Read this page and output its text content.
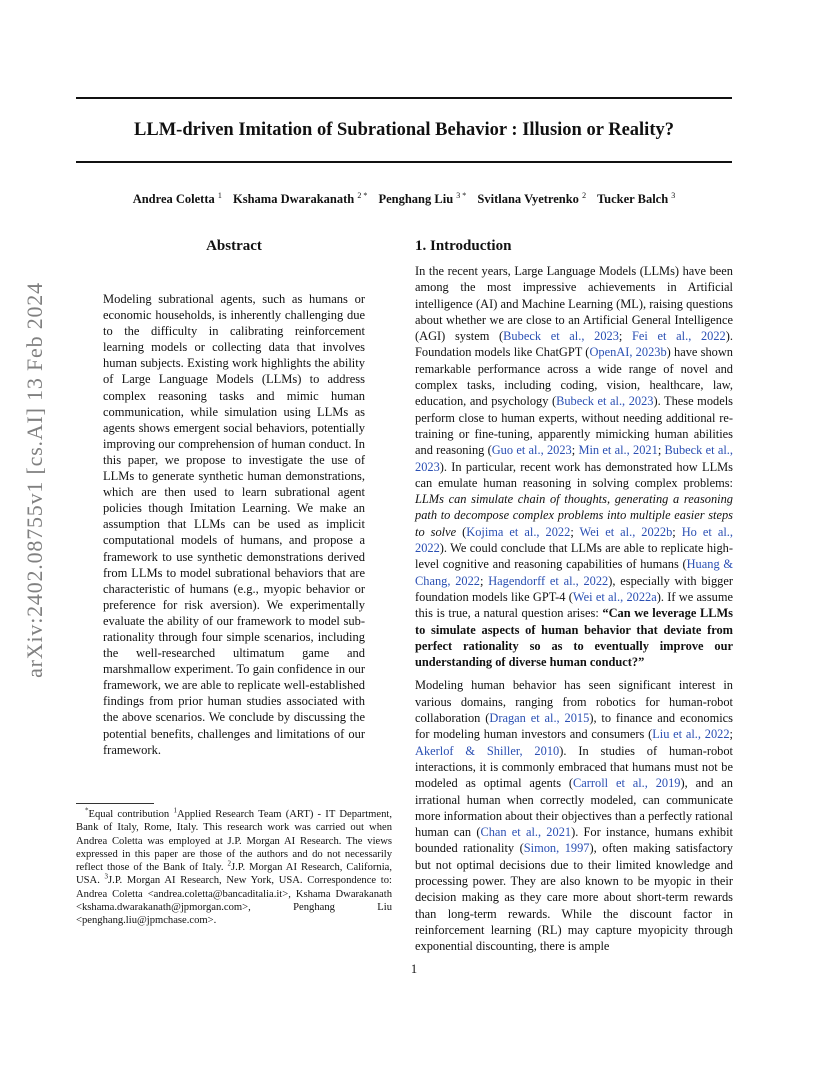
arXiv:2402.08755v1 [cs.AI] 13 Feb 2024
LLM-driven Imitation of Subrational Behavior : Illusion or Reality?
Andrea Coletta $^1$ Kshama Dwarakanath $^{2 *}$ Penghang Liu $^{3 *}$ Svitlana Vyetrenko $^2$ Tucker Balch $^3$
Abstract
Modeling subrational agents, such as humans or economic households, is inherently challenging due to the difficulty in calibrating reinforcement learning models or collecting data that involves human subjects. Existing work highlights the ability of Large Language Models (LLMs) to address complex reasoning tasks and mimic human communication, while simulation using LLMs as agents shows emergent social behaviors, potentially improving our comprehension of human conduct. In this paper, we propose to investigate the use of LLMs to generate synthetic human demonstrations, which are then used to learn subrational agent policies though Imitation Learning. We make an assumption that LLMs can be used as implicit computational models of humans, and propose a framework to use synthetic demonstrations derived from LLMs to model subrational behaviors that are characteristic of humans (e.g., myopic behavior or preference for risk aversion). We experimentally evaluate the ability of our framework to model sub-rationality through four simple scenarios, including the well-researched ultimatum game and marshmallow experiment. To gain confidence in our framework, we are able to replicate well-established findings from prior human studies associated with the above scenarios. We conclude by discussing the potential benefits, challenges and limitations of our framework.

*Equal contribution $^1$Applied Research Team (ART) - IT Department, Bank of Italy, Rome, Italy. This research work was carried out when Andrea Coletta was employed at J.P. Morgan AI Research. The views expressed in this paper are those of the authors and do not necessarily reflect those of the Bank of Italy. $^2$J.P. Morgan AI Research, California, USA. $^3$J.P. Morgan AI Research, New York, USA. Correspondence to: Andrea Coletta <andrea.coletta@bancaditalia.it>, Kshama Dwarakanath <kshama.dwarakanath@jpmorgan.com>, Penghang Liu <penghang.liu@jpmchase.com>.

1. Introduction

In the recent years, Large Language Models (LLMs) have been among the most impressive achievements in Artificial intelligence (AI) and Machine Learning (ML), raising questions about whether we are close to an Artificial General Intelligence (AGI) system (Bubeck et al., 2023; Fei et al., 2022). Foundation models like ChatGPT (OpenAI, 2023b) have shown remarkable performance across a wide range of novel and complex tasks, including coding, vision, healthcare, law, education, and psychology (Bubeck et al., 2023). These models perform close to human experts, without needing additional re-training or fine-tuning, apparently mimicking human abilities and reasoning (Guo et al., 2023; Min et al., 2021; Bubeck et al., 2023). In particular, recent work has demonstrated how LLMs can emulate human reasoning in solving complex problems: LLMs can simulate chain of thoughts, generating a reasoning path to decompose complex problems into multiple easier steps to solve (Kojima et al., 2022; Wei et al., 2022b; Ho et al., 2022). We could conclude that LLMs are able to replicate high-level cognitive and reasoning capabilities of humans (Huang & Chang, 2022; Hagendorff et al., 2022), especially with bigger foundation models like GPT-4 (Wei et al., 2022a). If we assume this is true, a natural question arises: “Can we leverage LLMs to simulate aspects of human behavior that deviate from perfect rationality so as to eventually improve our understanding of diverse human conduct?”

Modeling human behavior has seen significant interest in various domains, ranging from robotics for human-robot collaboration (Dragan et al., 2015), to finance and economics for modeling human investors and consumers (Liu et al., 2022; Akerlof & Shiller, 2010). In studies of human-robot interactions, it is commonly embraced that humans must not be modeled as optimal agents (Carroll et al., 2019), and an irrational human when correctly modeled, can communicate more information about their objectives than a perfectly rational human can (Chan et al., 2021). For instance, humans exhibit bounded rationality (Simon, 1997), often making satisfactory but not optimal decisions due to their limited knowledge and processing power. They are also known to be myopic in their decision making as they care more about short-term rewards than long-term rewards. While the discount factor in reinforcement learning (RL) may capture myopicity through exponential discounting, there is ample

1
